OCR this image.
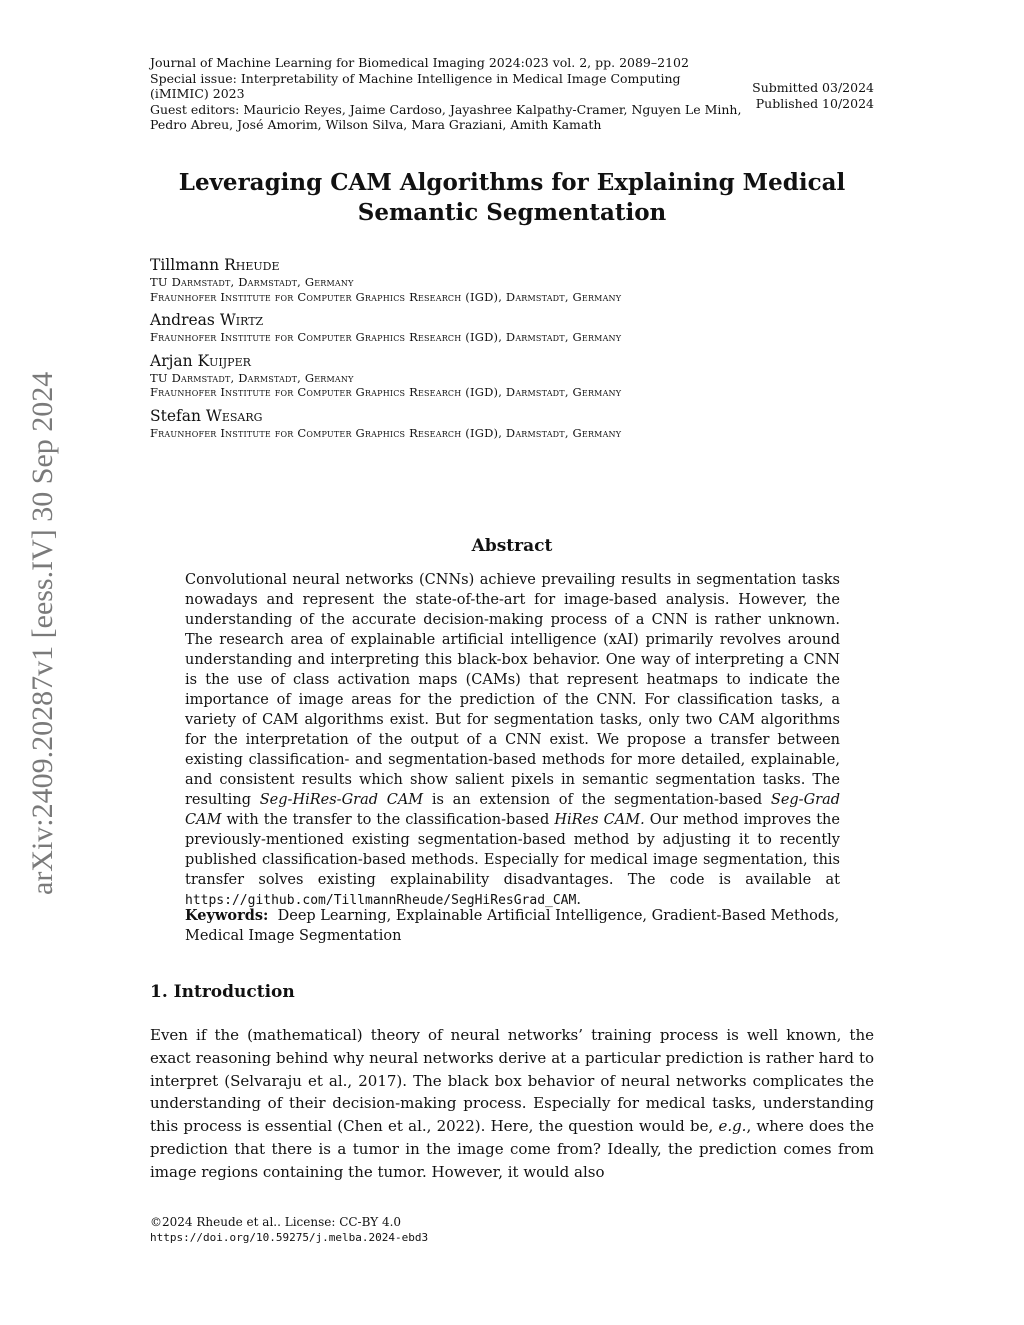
arXiv:2409.20287v1 [eess.IV] 30 Sep 2024
Journal of Machine Learning for Biomedical Imaging 2024:023 vol. 2, pp. 2089–2102
Special issue: Interpretability of Machine Intelligence in Medical Image Computing
(iMIMIC) 2023
Guest editors: Mauricio Reyes, Jaime Cardoso, Jayashree Kalpathy-Cramer, Nguyen Le Minh,
Pedro Abreu, José Amorim, Wilson Silva, Mara Graziani, Amith Kamath
Submitted 03/2024
Published 10/2024
Leveraging CAM Algorithms for Explaining Medical
Semantic Segmentation
Tillmann Rheude
TU Darmstadt, Darmstadt, Germany
Fraunhofer Institute for Computer Graphics Research (IGD), Darmstadt, Germany
Andreas Wirtz
Fraunhofer Institute for Computer Graphics Research (IGD), Darmstadt, Germany
Arjan Kuijper
TU Darmstadt, Darmstadt, Germany
Fraunhofer Institute for Computer Graphics Research (IGD), Darmstadt, Germany
Stefan Wesarg
Fraunhofer Institute for Computer Graphics Research (IGD), Darmstadt, Germany
Abstract
Convolutional neural networks (CNNs) achieve prevailing results in segmentation tasks nowadays and represent the state-of-the-art for image-based analysis. However, the understanding of the accurate decision-making process of a CNN is rather unknown. The research area of explainable artificial intelligence (xAI) primarily revolves around understanding and interpreting this black-box behavior. One way of interpreting a CNN is the use of class activation maps (CAMs) that represent heatmaps to indicate the importance of image areas for the prediction of the CNN. For classification tasks, a variety of CAM algorithms exist. But for segmentation tasks, only two CAM algorithms for the interpretation of the output of a CNN exist. We propose a transfer between existing classification- and segmentation-based methods for more detailed, explainable, and consistent results which show salient pixels in semantic segmentation tasks. The resulting Seg-HiRes-Grad CAM is an extension of the segmentation-based Seg-Grad CAM with the transfer to the classification-based HiRes CAM. Our method improves the previously-mentioned existing segmentation-based method by adjusting it to recently published classification-based methods. Especially for medical image segmentation, this transfer solves existing explainability disadvantages. The code is available at https://github.com/TillmannRheude/SegHiResGrad_CAM.
Keywords: Deep Learning, Explainable Artificial Intelligence, Gradient-Based Methods, Medical Image Segmentation
1. Introduction
Even if the (mathematical) theory of neural networks’ training process is well known, the exact reasoning behind why neural networks derive at a particular prediction is rather hard to interpret (Selvaraju et al., 2017). The black box behavior of neural networks complicates the understanding of their decision-making process. Especially for medical tasks, understanding this process is essential (Chen et al., 2022). Here, the question would be, e.g., where does the prediction that there is a tumor in the image come from? Ideally, the prediction comes from image regions containing the tumor. However, it would also
©2024 Rheude et al.. License: CC-BY 4.0
https://doi.org/10.59275/j.melba.2024-ebd3
